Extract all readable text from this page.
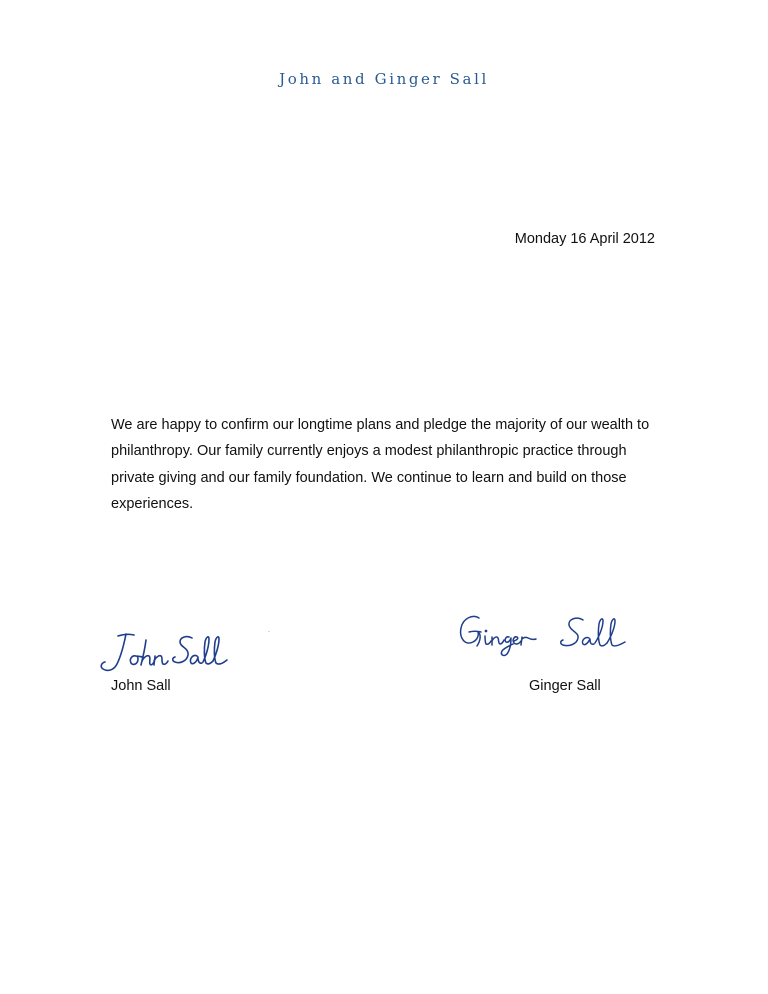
John and Ginger Sall
Monday 16 April 2012
We are happy to confirm our longtime plans and pledge the majority of our wealth to philanthropy. Our family currently enjoys a modest philanthropic practice through private giving and our family foundation. We continue to learn and build on those experiences.
John Sall	Ginger Sall
